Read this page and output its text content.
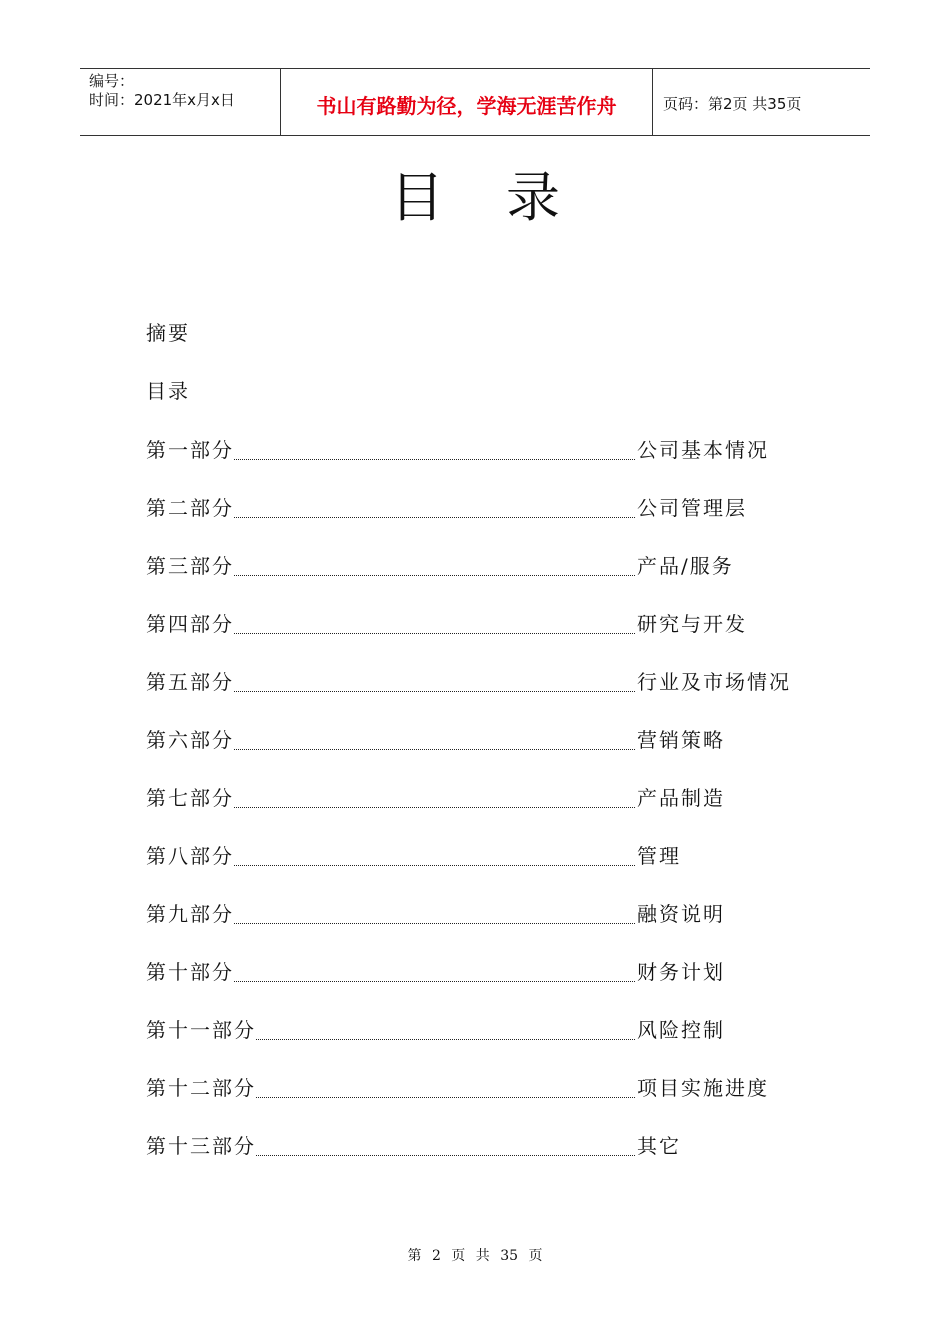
编号：
时间：2021年x月x日	书山有路勤为径，学海无涯苦作舟	页码：第2页 共35页
目 录
摘要
目录
第一部分	公司基本情况
第二部分	公司管理层
第三部分	产品/服务
第四部分	研究与开发
第五部分	行业及市场情况
第六部分	营销策略
第七部分	产品制造
第八部分	管理
第九部分	融资说明
第十部分	财务计划
第十一部分	风险控制
第十二部分	项目实施进度
第十三部分	其它
第 2 页 共 35 页
